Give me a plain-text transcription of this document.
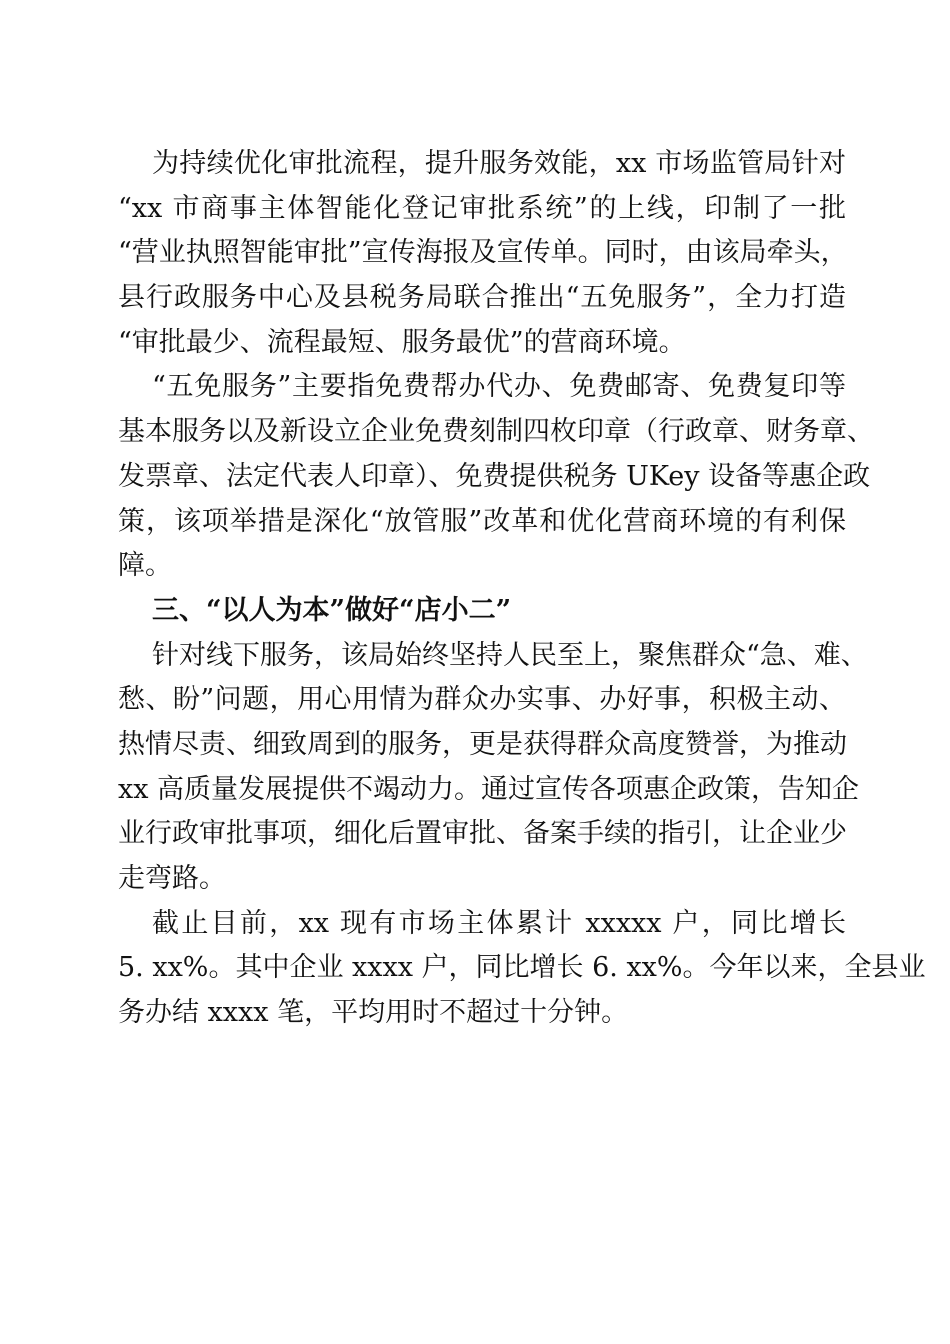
为持续优化审批流程，提升服务效能，xx 市场监管局针对
“xx 市商事主体智能化登记审批系统”的上线，印制了一批
“营业执照智能审批”宣传海报及宣传单。同时，由该局牵头，
县行政服务中心及县税务局联合推出“五免服务”，全力打造
“审批最少、流程最短、服务最优”的营商环境。
“五免服务”主要指免费帮办代办、免费邮寄、免费复印等
基本服务以及新设立企业免费刻制四枚印章（行政章、财务章、
发票章、法定代表人印章）、免费提供税务 UKey 设备等惠企政
策，该项举措是深化“放管服”改革和优化营商环境的有利保
障。
三、“以人为本”做好“店小二”
针对线下服务，该局始终坚持人民至上，聚焦群众“急、难、
愁、盼”问题，用心用情为群众办实事、办好事，积极主动、
热情尽责、细致周到的服务，更是获得群众高度赞誉，为推动
xx 高质量发展提供不竭动力。通过宣传各项惠企政策，告知企
业行政审批事项，细化后置审批、备案手续的指引，让企业少
走弯路。
截止目前，xx 现有市场主体累计 xxxxx 户，同比增长
5. xx%。其中企业 xxxx 户，同比增长 6. xx%。今年以来，全县业
务办结 xxxx 笔，平均用时不超过十分钟。
